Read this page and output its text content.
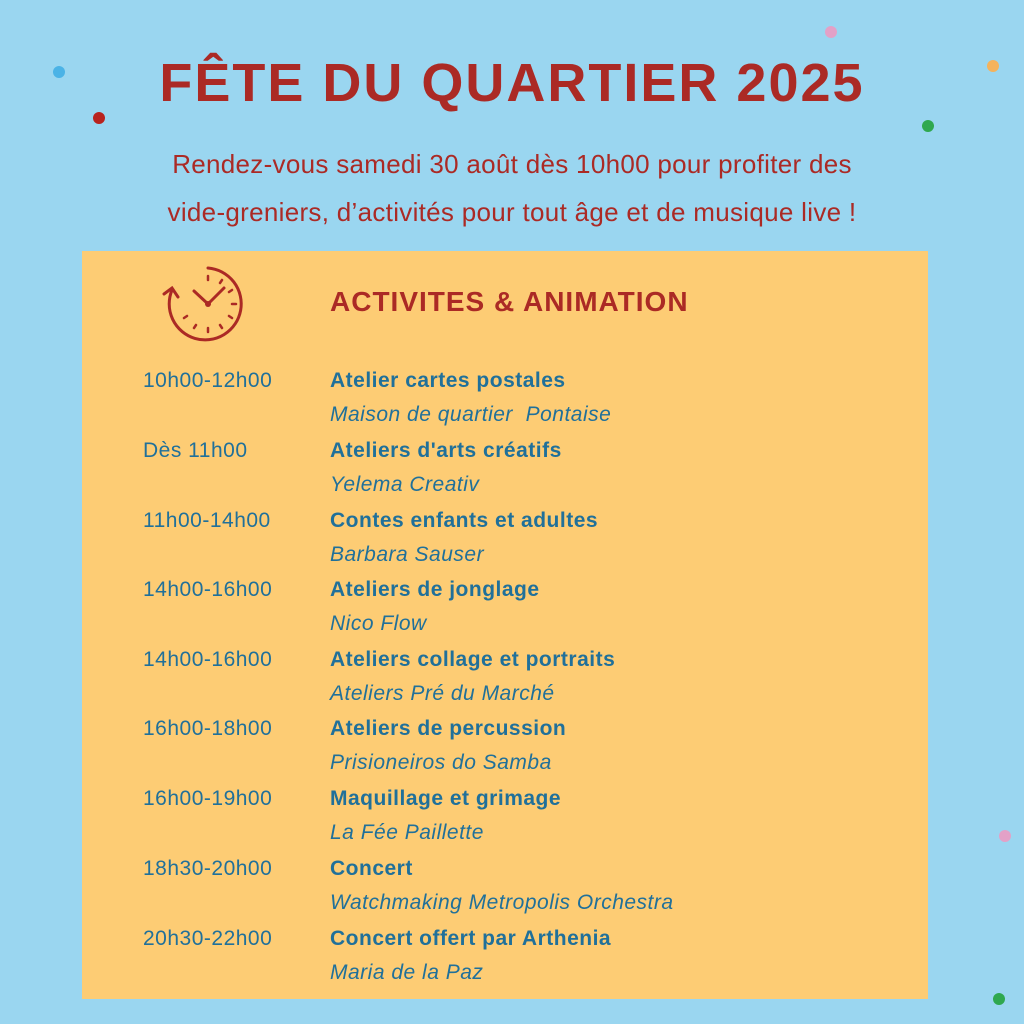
FÊTE DU QUARTIER 2025
Rendez-vous samedi 30 août dès 10h00 pour profiter des
vide-greniers, d’activités pour tout âge et de musique live !
ACTIVITES & ANIMATION
10h00-12h00	Atelier cartes postales
Maison de quartier  Pontaise
Dès 11h00	Ateliers d'arts créatifs
Yelema Creativ
11h00-14h00	Contes enfants et adultes
Barbara Sauser
14h00-16h00	Ateliers de jonglage
Nico Flow
14h00-16h00	Ateliers collage et portraits
Ateliers Pré du Marché
16h00-18h00	Ateliers de percussion
Prisioneiros do Samba
16h00-19h00	Maquillage et grimage
La Fée Paillette
18h30-20h00	Concert
Watchmaking Metropolis Orchestra
20h30-22h00	Concert offert par Arthenia
Maria de la Paz
